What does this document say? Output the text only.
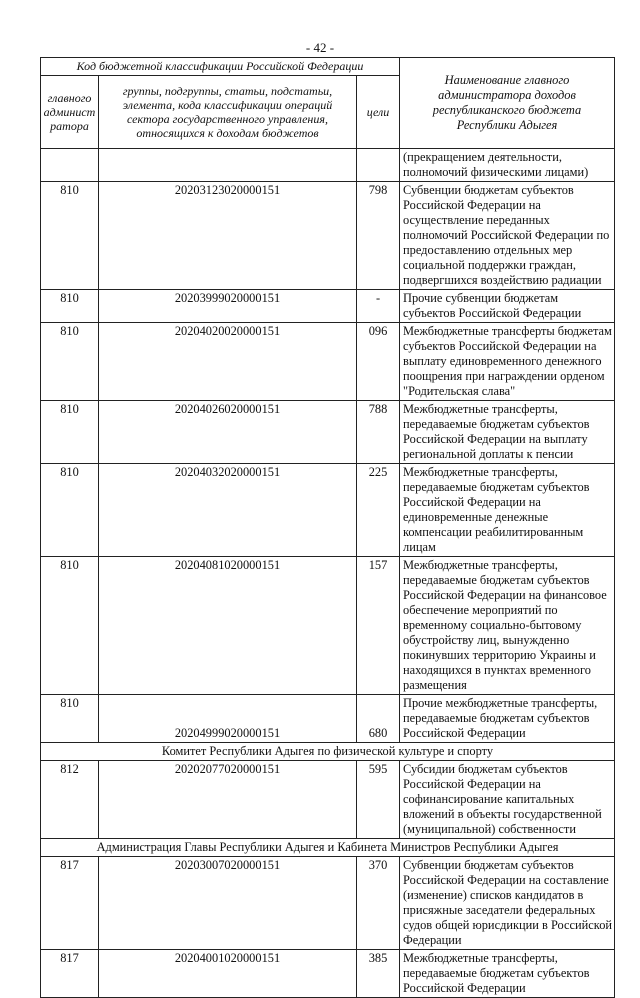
- 42 -
Код бюджетной классификации Российской Федерации			Наименование главного администратора доходов республиканского бюджета Республики Адыгея
главного
админист
ратора	группы, подгруппы, статьи, подстатьи, элемента, кода классификации операций сектора государственного управления, относящихся к доходам бюджетов	цели	
			(прекращением деятельности, полномочий физическими лицами)
810	20203123020000151	798	Субвенции бюджетам субъектов Российской Федерации на осуществление переданных полномочий Российской Федерации по предоставлению отдельных мер социальной поддержки граждан, подвергшихся воздействию радиации
810	20203999020000151	-	Прочие субвенции бюджетам субъектов Российской Федерации
810	20204020020000151	096	Межбюджетные трансферты бюджетам субъектов Российской Федерации на выплату единовременного денежного поощрения при награждении орденом "Родительская слава"
810	20204026020000151	788	Межбюджетные трансферты, передаваемые бюджетам субъектов Российской Федерации на выплату региональной доплаты к пенсии
810	20204032020000151	225	Межбюджетные трансферты, передаваемые бюджетам субъектов Российской Федерации на единовременные денежные компенсации реабилитированным лицам
810	20204081020000151	157	Межбюджетные трансферты, передаваемые бюджетам субъектов Российской Федерации на финансовое обеспечение мероприятий по временному социально-бытовому обустройству лиц, вынужденно покинувших территорию Украины и находящихся в пунктах временного размещения
810	20204999020000151	680	Прочие межбюджетные трансферты, передаваемые бюджетам субъектов Российской Федерации
Комитет Республики Адыгея по физической культуре и спорту			
812	20202077020000151	595	Субсидии бюджетам субъектов Российской Федерации на софинансирование капитальных вложений в объекты государственной (муниципальной) собственности
Администрация Главы Республики Адыгея и Кабинета Министров Республики Адыгея			
817	20203007020000151	370	Субвенции бюджетам субъектов Российской Федерации на составление (изменение) списков кандидатов в присяжные заседатели федеральных судов общей юрисдикции в Российской Федерации
817	20204001020000151	385	Межбюджетные трансферты, передаваемые бюджетам субъектов Российской Федерации
